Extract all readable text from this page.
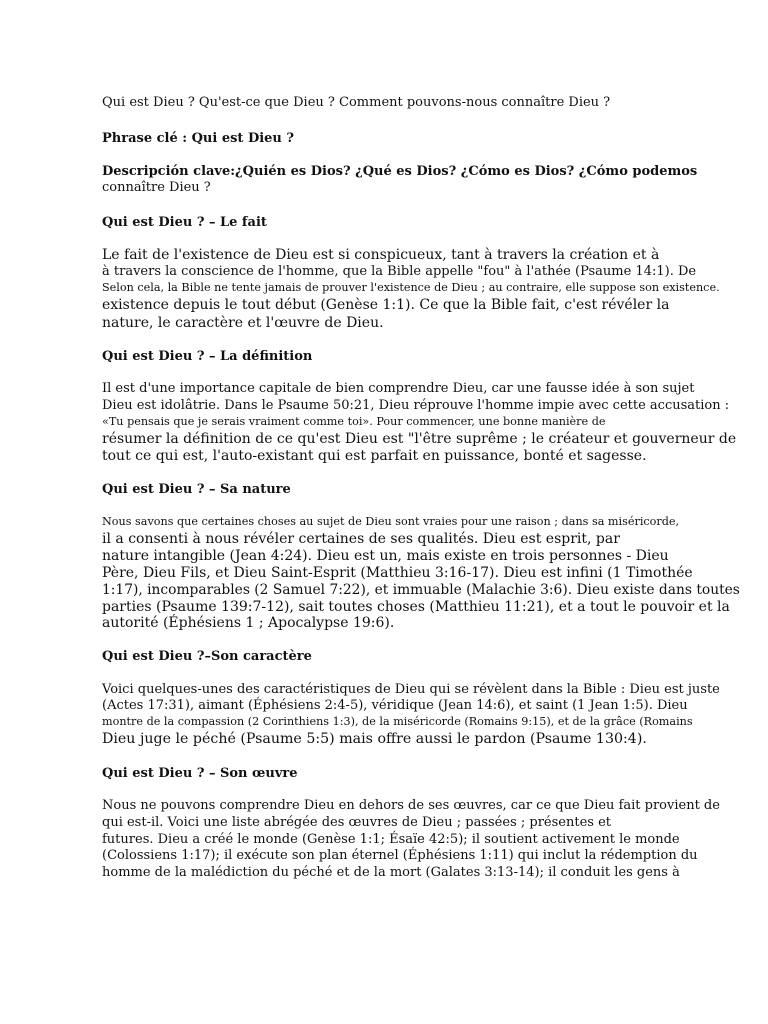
Qui est Dieu ? Qu'est-ce que Dieu ? Comment pouvons-nous connaître Dieu ?
Phrase clé : Qui est Dieu ?
Descripción clave:¿Quién es Dios? ¿Qué es Dios? ¿Cómo es Dios? ¿Cómo podemos
connaître Dieu ?
Qui est Dieu ? – Le fait
Le fait de l'existence de Dieu est si conspicueux, tant à travers la création et à
à travers la conscience de l'homme, que la Bible appelle "fou" à l'athée (Psaume 14:1). De
Selon cela, la Bible ne tente jamais de prouver l'existence de Dieu ; au contraire, elle suppose son existence.
existence depuis le tout début (Genèse 1:1). Ce que la Bible fait, c'est révéler la
nature, le caractère et l'œuvre de Dieu.
Qui est Dieu ? – La définition
Il est d'une importance capitale de bien comprendre Dieu, car une fausse idée à son sujet
Dieu est idolâtrie. Dans le Psaume 50:21, Dieu réprouve l'homme impie avec cette accusation :
«Tu pensais que je serais vraiment comme toi». Pour commencer, une bonne manière de
résumer la définition de ce qu'est Dieu est "l'être suprême ; le créateur et gouverneur de
tout ce qui est, l'auto-existant qui est parfait en puissance, bonté et sagesse.
Qui est Dieu ? – Sa nature
Nous savons que certaines choses au sujet de Dieu sont vraies pour une raison ; dans sa miséricorde,
il a consenti à nous révéler certaines de ses qualités. Dieu est esprit, par
nature intangible (Jean 4:24). Dieu est un, mais existe en trois personnes - Dieu
Père, Dieu Fils, et Dieu Saint-Esprit (Matthieu 3:16-17). Dieu est infini (1 Timothée
1:17), incomparables (2 Samuel 7:22), et immuable (Malachie 3:6). Dieu existe dans toutes
parties (Psaume 139:7-12), sait toutes choses (Matthieu 11:21), et a tout le pouvoir et la
autorité (Éphésiens 1 ; Apocalypse 19:6).
Qui est Dieu ?–Son caractère
Voici quelques-unes des caractéristiques de Dieu qui se révèlent dans la Bible : Dieu est juste
(Actes 17:31), aimant (Éphésiens 2:4-5), véridique (Jean 14:6), et saint (1 Jean 1:5). Dieu
montre de la compassion (2 Corinthiens 1:3), de la miséricorde (Romains 9:15), et de la grâce (Romains
Dieu juge le péché (Psaume 5:5) mais offre aussi le pardon (Psaume 130:4).
Qui est Dieu ? – Son œuvre
Nous ne pouvons comprendre Dieu en dehors de ses œuvres, car ce que Dieu fait provient de
qui est-il. Voici une liste abrégée des œuvres de Dieu ; passées ; présentes et
futures. Dieu a créé le monde (Genèse 1:1; Ésaïe 42:5); il soutient activement le monde
(Colossiens 1:17); il exécute son plan éternel (Éphésiens 1:11) qui inclut la rédemption du
homme de la malédiction du péché et de la mort (Galates 3:13-14); il conduit les gens à
